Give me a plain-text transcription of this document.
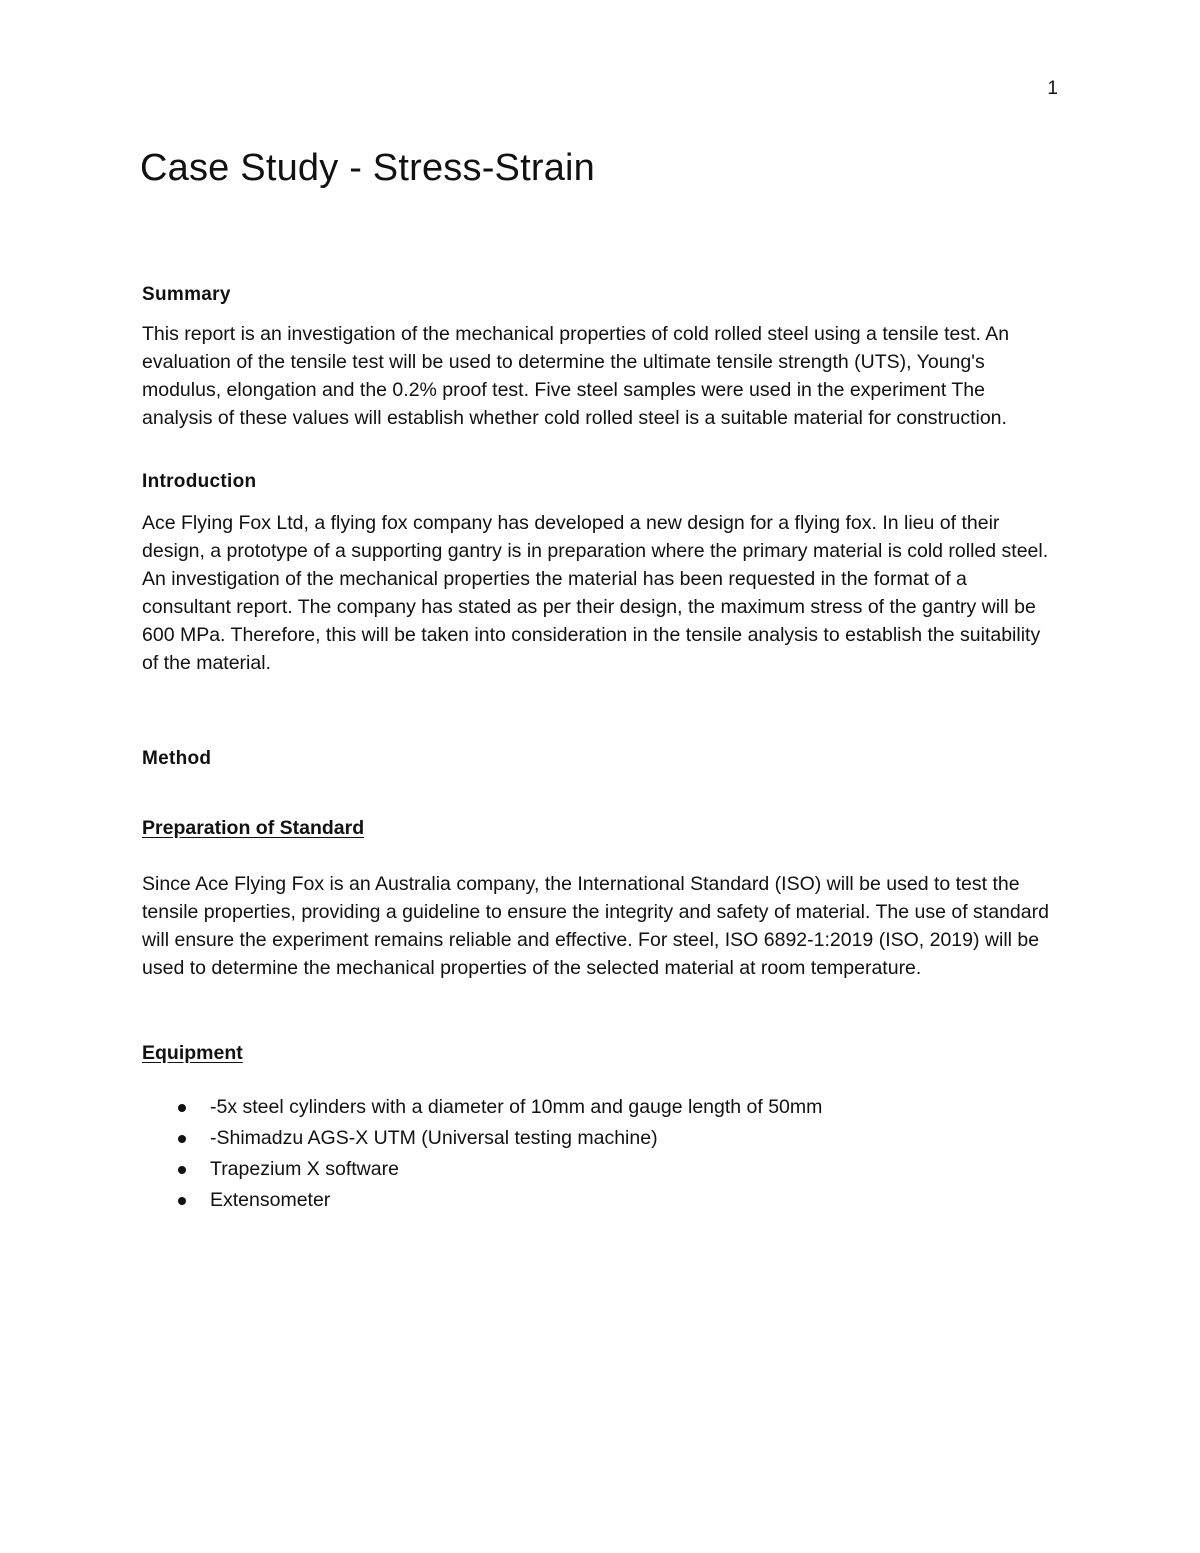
1
Case Study - Stress-Strain
Summary

This report is an investigation of the mechanical properties of cold rolled steel using a tensile test. An evaluation of the tensile test will be used to determine the ultimate tensile strength (UTS), Young's modulus, elongation and the 0.2% proof test. Five steel samples were used in the experiment The analysis of these values will establish whether cold rolled steel is a suitable material for construction.

Introduction

Ace Flying Fox Ltd, a flying fox company has developed a new design for a flying fox. In lieu of their design, a prototype of a supporting gantry is in preparation where the primary material is cold rolled steel. An investigation of the mechanical properties the material has been requested in the format of a consultant report. The company has stated as per their design, the maximum stress of the gantry will be 600 MPa. Therefore, this will be taken into consideration in the tensile analysis to establish the suitability of the material.

Method
Preparation of Standard

Since Ace Flying Fox is an Australia company, the International Standard (ISO) will be used to test the tensile properties, providing a guideline to ensure the integrity and safety of material. The use of standard will ensure the experiment remains reliable and effective. For steel, ISO 6892-1:2019 (ISO, 2019) will be used to determine the mechanical properties of the selected material at room temperature.

Equipment
-5x steel cylinders with a diameter of 10mm and gauge length of 50mm
-Shimadzu AGS-X UTM (Universal testing machine)
Trapezium X software
Extensometer
